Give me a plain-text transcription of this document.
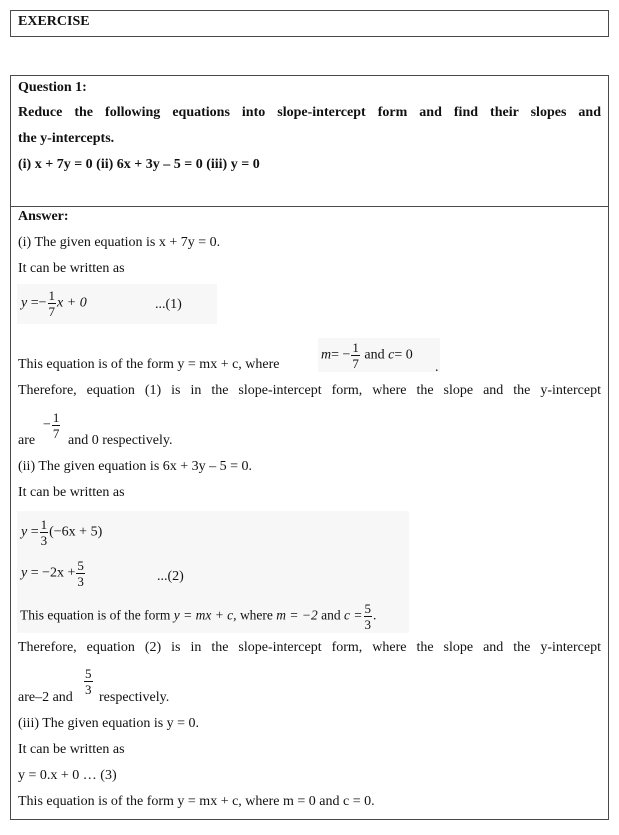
EXERCISE
Question 1:
Reduce the following equations into slope-intercept form and find their slopes and
the y-intercepts.
(i) x + 7y = 0 (ii) 6x + 3y – 5 = 0 (iii) y = 0
Answer:
(i) The given equation is x + 7y = 0.
It can be written as
$y =- \frac{1}{7}$ x + 0	...(1)
This equation is of the form y = mx + c, where
$m= - \frac{1}{7}$ and c= 0
.
Therefore, equation (1) is in the slope-intercept form, where the slope and the y-intercept
are
− $\frac{1}{7}$ and 0 respectively.
(ii) The given equation is 6x + 3y – 5 = 0.
It can be written as
$y = \frac{1}{3} (-6x + 5)$
$y = -2x + \frac{5}{3}$	...(2)
This equation is of the form y = mx + c, where m = −2 and $c = \frac{5}{3}$ .
Therefore, equation (2) is in the slope-intercept form, where the slope and the y-intercept
are–2 and
$\frac{5}{3}$
respectively.
(iii) The given equation is y = 0.
It can be written as
y = 0.x + 0 … (3)
This equation is of the form y = mx + c, where m = 0 and c = 0.
